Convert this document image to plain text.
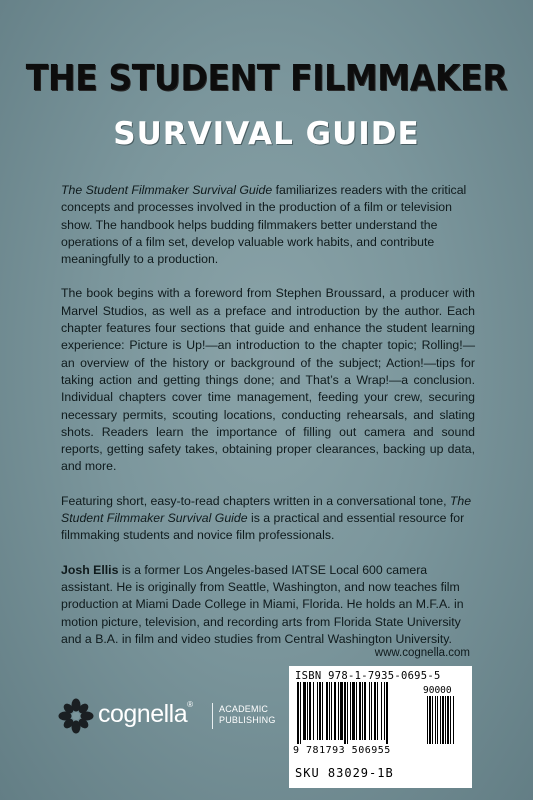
THE STUDENT FILMMAKER
SURVIVAL GUIDE

The Student Filmmaker Survival Guide familiarizes readers with the critical concepts and processes involved in the production of a film or television show. The handbook helps budding filmmakers better understand the operations of a film set, develop valuable work habits, and contribute meaningfully to a production.

The book begins with a foreword from Stephen Broussard, a producer with Marvel Studios, as well as a preface and introduction by the author. Each chapter features four sections that guide and enhance the student learning experience: Picture is Up!—an introduction to the chapter topic; Rolling!—an overview of the history or background of the subject; Action!—tips for taking action and getting things done; and That’s a Wrap!—a conclusion. Individual chapters cover time management, feeding your crew, securing necessary permits, scouting locations, conducting rehearsals, and slating shots. Readers learn the importance of filling out camera and sound reports, getting safety takes, obtaining proper clearances, backing up data, and more.

Featuring short, easy-to-read chapters written in a conversational tone, The Student Filmmaker Survival Guide is a practical and essential resource for filmmaking students and novice film professionals.

Josh Ellis is a former Los Angeles-based IATSE Local 600 camera assistant. He is originally from Seattle, Washington, and now teaches film production at Miami Dade College in Miami, Florida. He holds an M.F.A. in motion picture, television, and recording arts from Florida State University and a B.A. in film and video studies from Central Washington University.

www.cognella.com
cognella®	ACADEMIC
PUBLISHING
ISBN 978-1-7935-0695-5
9 781793 506955
90000
SKU 83029-1B
